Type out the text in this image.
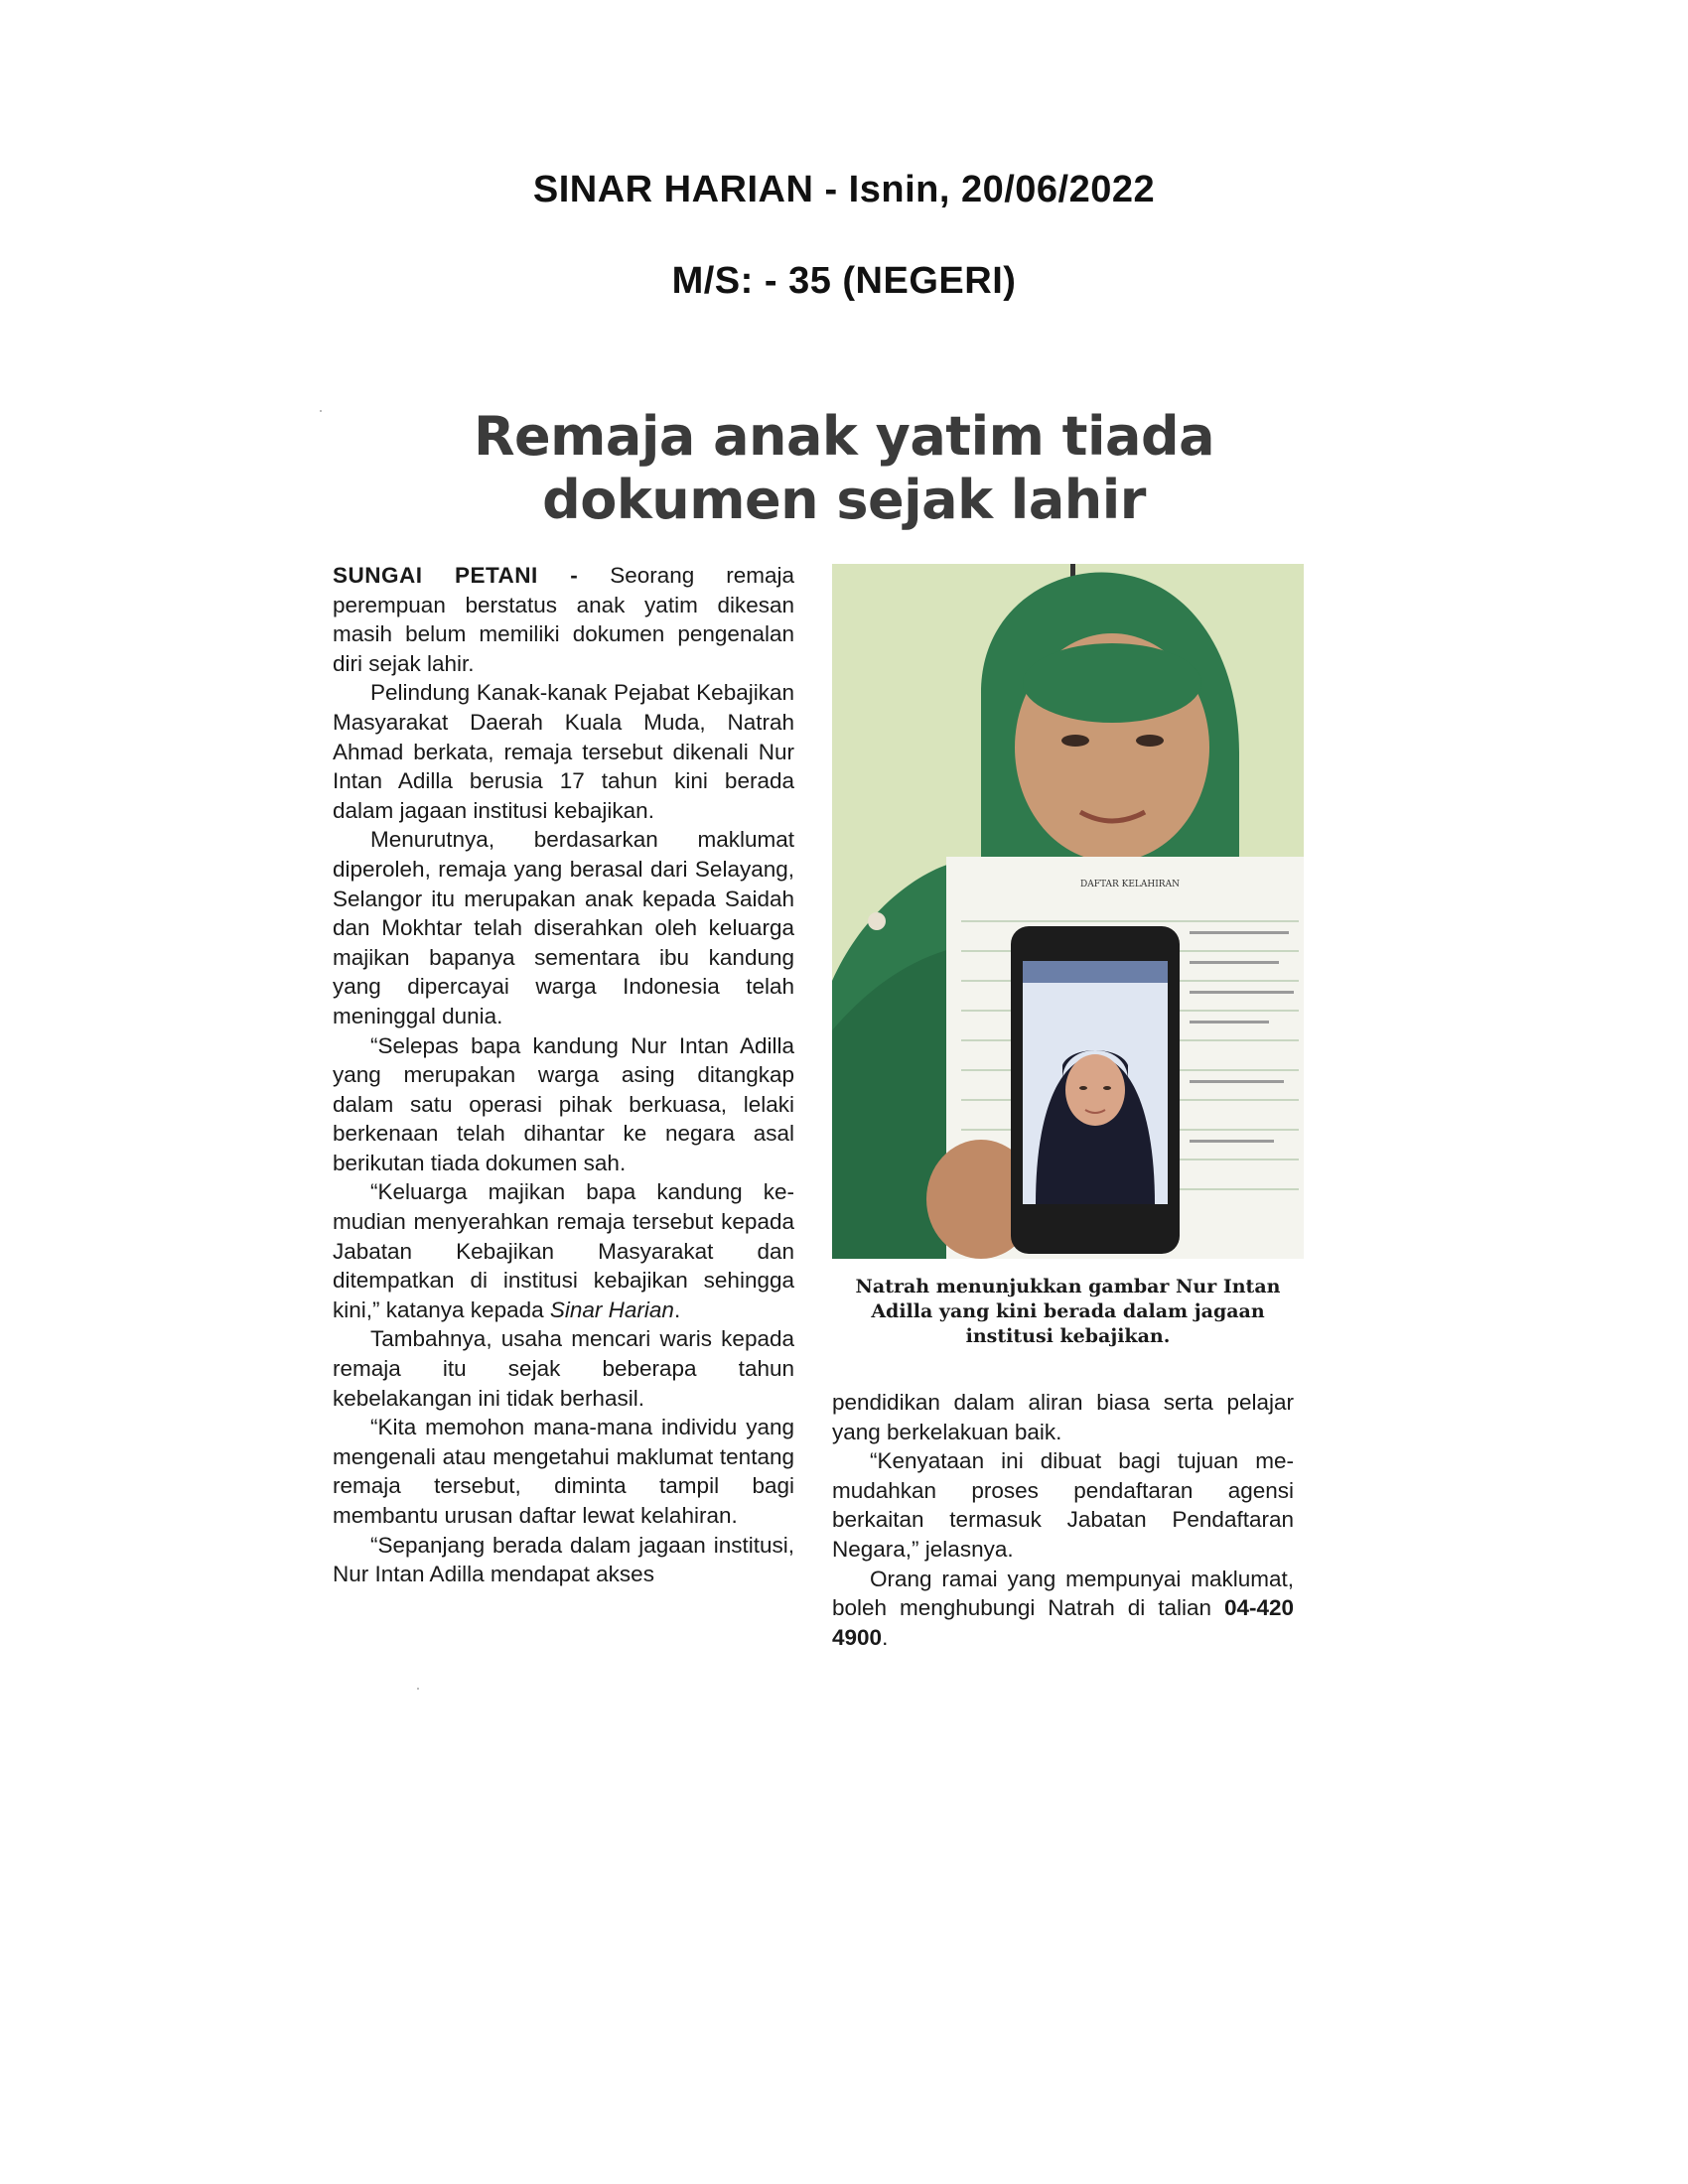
SINAR HARIAN - Isnin, 20/06/2022
M/S: - 35 (NEGERI)
Remaja anak yatim tiada
dokumen sejak lahir

SUNGAI PETANI - Seorang remaja perempuan berstatus anak yatim dikesan masih belum memiliki dokumen pengenalan diri sejak lahir.

Pelindung Kanak-kanak Pejabat Kebajikan Masyarakat Daerah Kuala Muda, Natrah Ahmad berkata, remaja tersebut dikenali Nur Intan Adilla berusia 17 tahun kini berada dalam jagaan institusi kebajikan.

Menurutnya, berdasarkan maklumat diperoleh, remaja yang berasal dari Selayang, Selangor itu merupakan anak kepada Saidah dan Mokhtar telah diserahkan oleh keluarga majikan bapanya sementara ibu kandung yang dipercayai warga Indonesia telah meninggal dunia.

“Selepas bapa kandung Nur Intan Adilla yang merupakan warga asing ditangkap dalam satu operasi pihak berkuasa, lelaki berkenaan telah dihantar ke negara asal berikutan tiada dokumen sah.

“Keluarga majikan bapa kandung kemudian menyerahkan remaja tersebut kepada Jabatan Kebajikan Masyarakat dan ditempatkan di institusi kebajikan sehingga kini,” katanya kepada Sinar Harian.

Tambahnya, usaha mencari waris kepada remaja itu sejak beberapa tahun kebelakangan ini tidak berhasil.

“Kita memohon mana-mana individu yang mengenali atau mengetahui maklumat tentang remaja tersebut, diminta tampil bagi membantu urusan daftar lewat kelahiran.

“Sepanjang berada dalam jagaan institusi, Nur Intan Adilla mendapat akses

DAFTAR KELAHIRAN
Natrah menunjukkan gambar Nur Intan Adilla yang kini berada dalam jagaan institusi kebajikan.

pendidikan dalam aliran biasa serta pelajar yang berkelakuan baik.

“Kenyataan ini dibuat bagi tujuan memudahkan proses pendaftaran agensi berkaitan termasuk Jabatan Pendaftaran Negara,” jelasnya.

Orang ramai yang mempunyai maklumat, boleh menghubungi Natrah di talian 04-420 4900.
